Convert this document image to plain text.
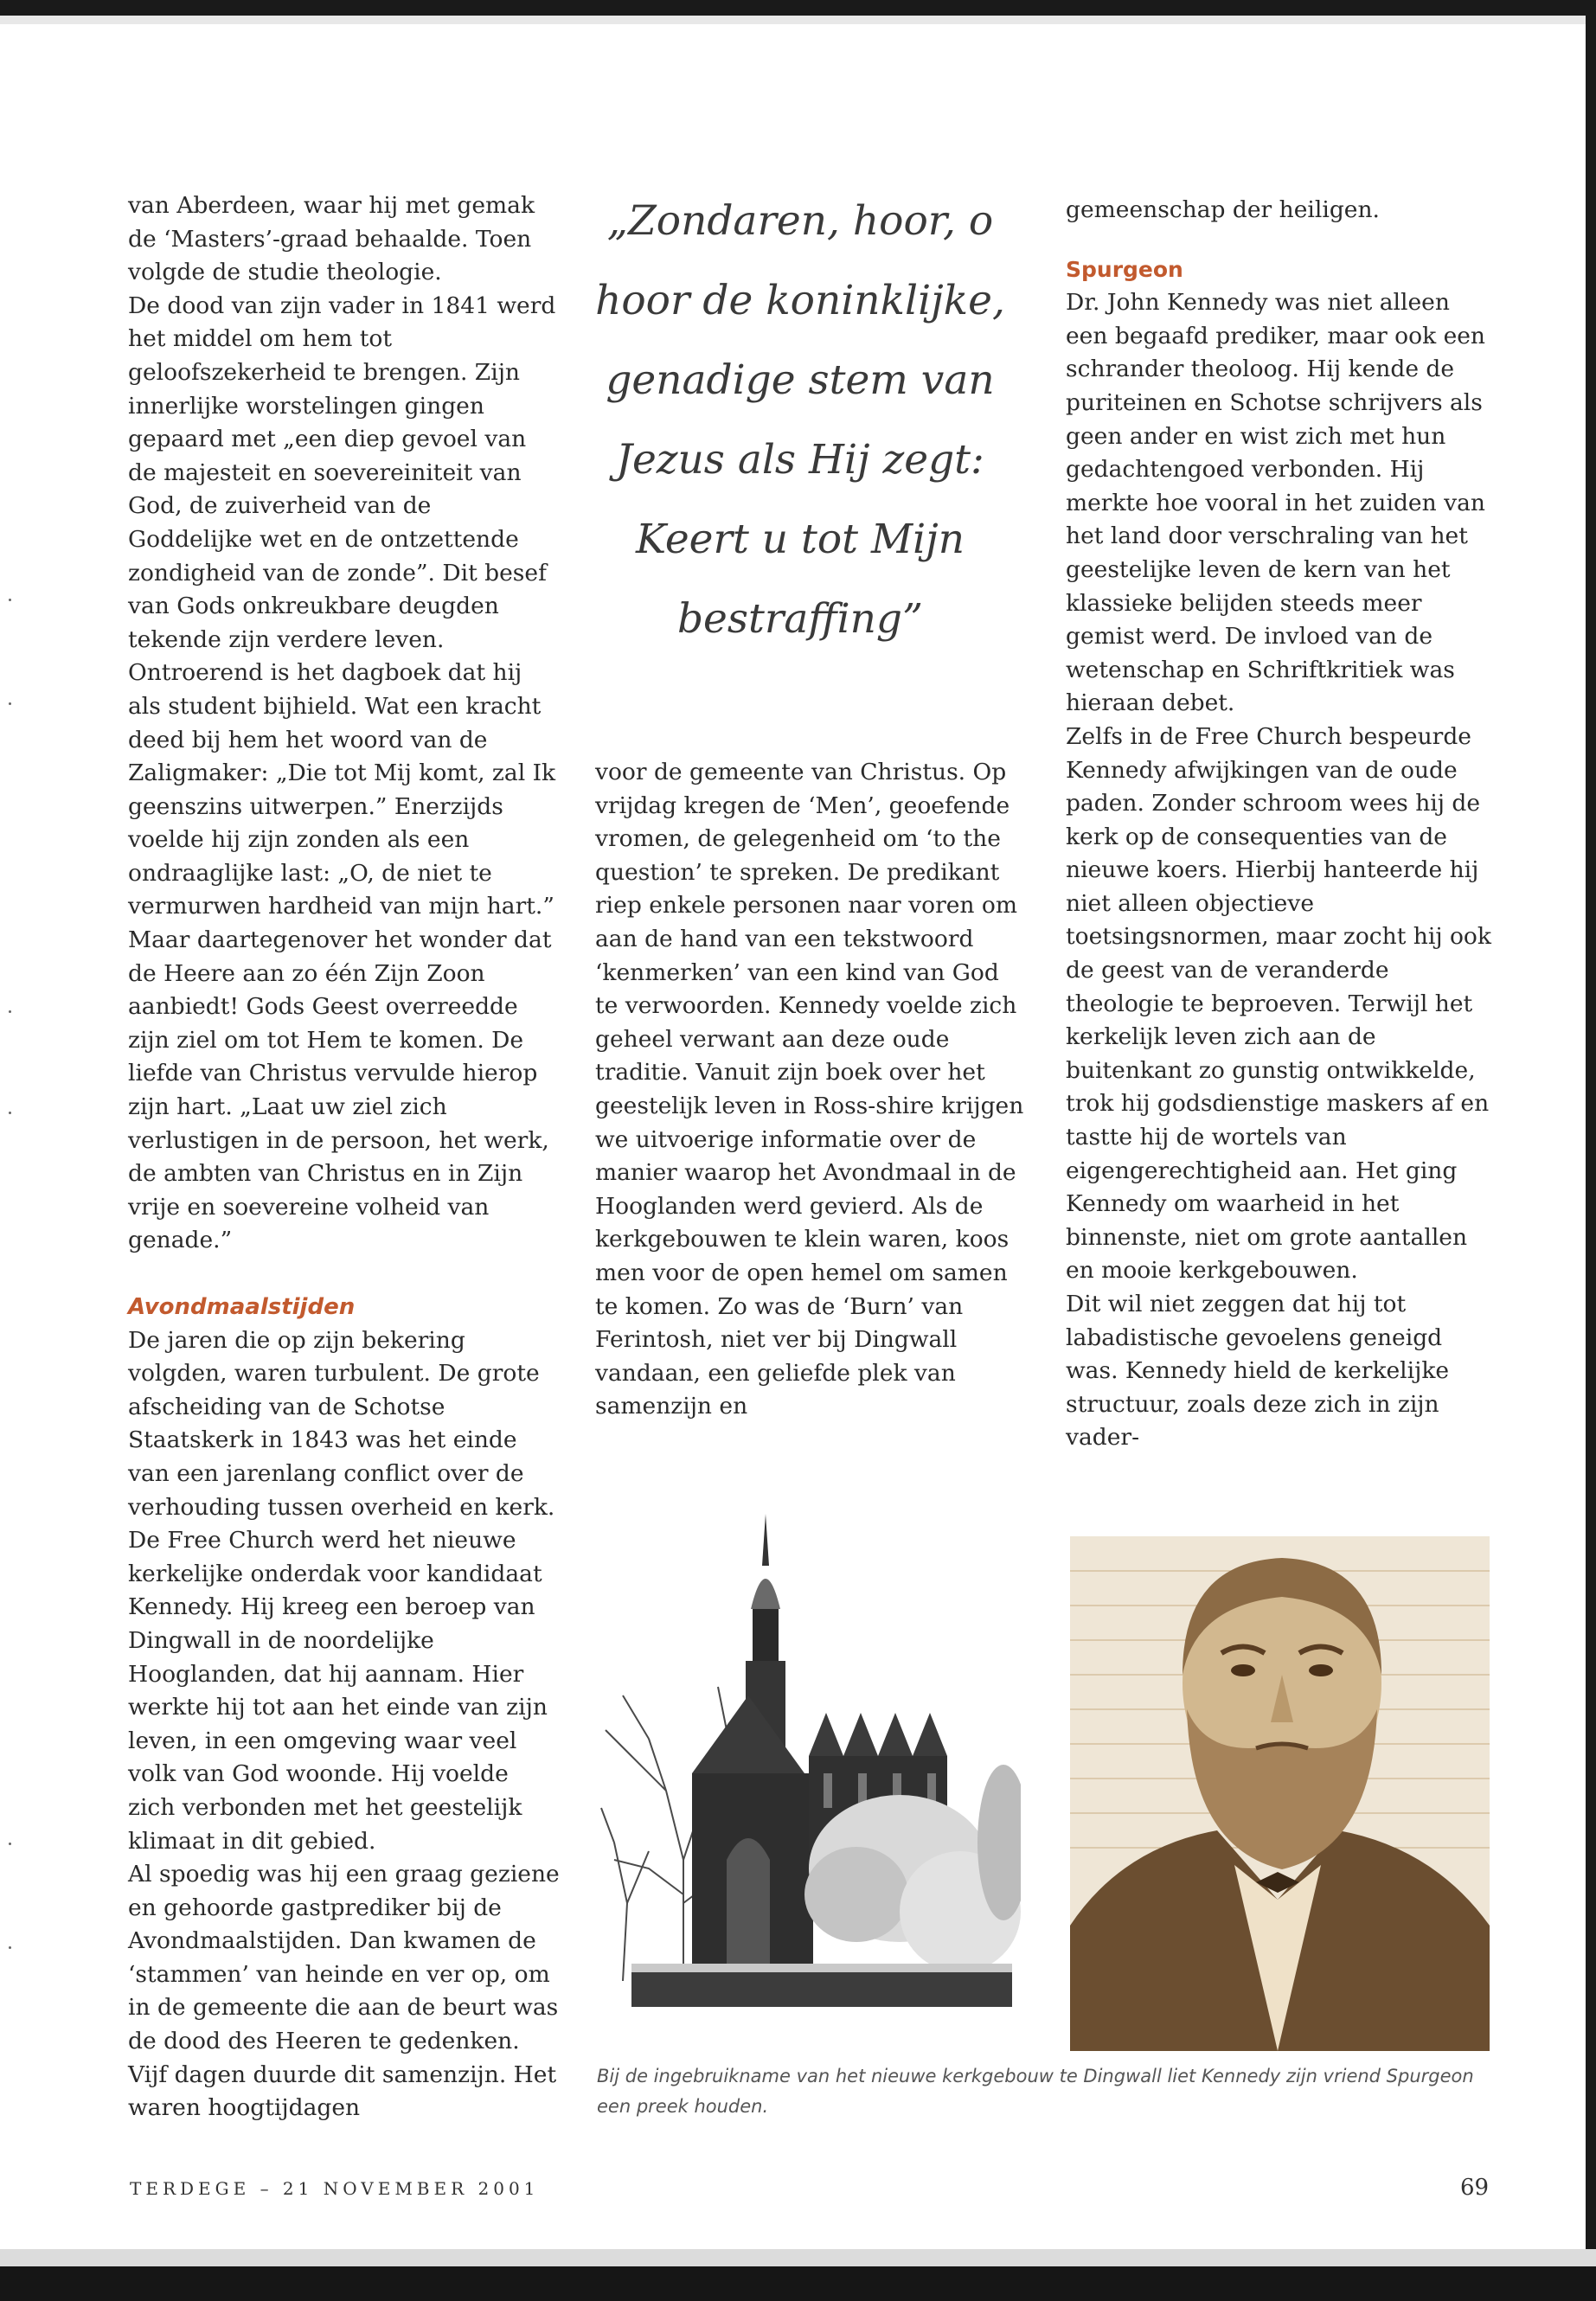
van Aberdeen, waar hij met gemak de ‘Masters’-graad behaalde. Toen volgde de studie theologie.

De dood van zijn vader in 1841 werd het middel om hem tot geloofszekerheid te brengen. Zijn innerlijke worstelingen gingen gepaard met „een diep gevoel van de majesteit en soevereiniteit van God, de zuiverheid van de Goddelijke wet en de ontzettende zondigheid van de zonde”. Dit besef van Gods onkreukbare deugden tekende zijn verdere leven.

Ontroerend is het dagboek dat hij als student bijhield. Wat een kracht deed bij hem het woord van de Zaligmaker: „Die tot Mij komt, zal Ik geenszins uitwerpen.” Enerzijds voelde hij zijn zonden als een ondraaglijke last: „O, de niet te vermurwen hardheid van mijn hart.” Maar daartegenover het wonder dat de Heere aan zo één Zijn Zoon aanbiedt! Gods Geest overreedde zijn ziel om tot Hem te komen. De liefde van Christus vervulde hierop zijn hart. „Laat uw ziel zich verlustigen in de persoon, het werk, de ambten van Christus en in Zijn vrije en soevereine volheid van genade.”

Avondmaalstijden

De jaren die op zijn bekering volgden, waren turbulent. De grote afscheiding van de Schotse Staatskerk in 1843 was het einde van een jarenlang conflict over de verhouding tussen overheid en kerk. De Free Church werd het nieuwe kerkelijke onderdak voor kandidaat Kennedy. Hij kreeg een beroep van Dingwall in de noordelijke Hooglanden, dat hij aannam. Hier werkte hij tot aan het einde van zijn leven, in een omgeving waar veel volk van God woonde. Hij voelde zich verbonden met het geestelijk klimaat in dit gebied.

Al spoedig was hij een graag geziene en gehoorde gastprediker bij de Avondmaalstijden. Dan kwamen de ‘stammen’ van heinde en ver op, om in de gemeente die aan de beurt was de dood des Heeren te gedenken. Vijf dagen duurde dit samenzijn. Het waren hoogtijdagen

„Zondaren, hoor, o hoor de koninklijke, genadige stem van Jezus als Hij zegt: Keert u tot Mijn bestraffing”

voor de gemeente van Christus. Op vrijdag kregen de ‘Men’, geoefende vromen, de gelegenheid om ‘to the question’ te spreken. De predikant riep enkele personen naar voren om aan de hand van een tekstwoord ‘kenmerken’ van een kind van God te verwoorden. Kennedy voelde zich geheel verwant aan deze oude traditie. Vanuit zijn boek over het geestelijk leven in Ross-shire krijgen we uitvoerige informatie over de manier waarop het Avondmaal in de Hooglanden werd gevierd. Als de kerkgebouwen te klein waren, koos men voor de open hemel om samen te komen. Zo was de ‘Burn’ van Ferintosh, niet ver bij Dingwall vandaan, een geliefde plek van samenzijn en

gemeenschap der heiligen.

Spurgeon

Dr. John Kennedy was niet alleen een begaafd prediker, maar ook een schrander theoloog. Hij kende de puriteinen en Schotse schrijvers als geen ander en wist zich met hun gedachtengoed verbonden. Hij merkte hoe vooral in het zuiden van het land door verschraling van het geestelijke leven de kern van het klassieke belijden steeds meer gemist werd. De invloed van de wetenschap en Schriftkritiek was hieraan debet.

Zelfs in de Free Church bespeurde Kennedy afwijkingen van de oude paden. Zonder schroom wees hij de kerk op de consequenties van de nieuwe koers. Hierbij hanteerde hij niet alleen objectieve toetsingsnormen, maar zocht hij ook de geest van de veranderde theologie te beproeven. Terwijl het kerkelijk leven zich aan de buitenkant zo gunstig ontwikkelde, trok hij godsdienstige maskers af en tastte hij de wortels van eigengerechtigheid aan. Het ging Kennedy om waarheid in het binnenste, niet om grote aantallen en mooie kerkgebouwen.

Dit wil niet zeggen dat hij tot labadistische gevoelens geneigd was. Kennedy hield de kerkelijke structuur, zoals deze zich in zijn vader-

Bij de ingebruikname van het nieuwe kerkgebouw te Dingwall liet Kennedy zijn vriend Spurgeon een preek houden.
TERDEGE – 21 NOVEMBER 2001	69
